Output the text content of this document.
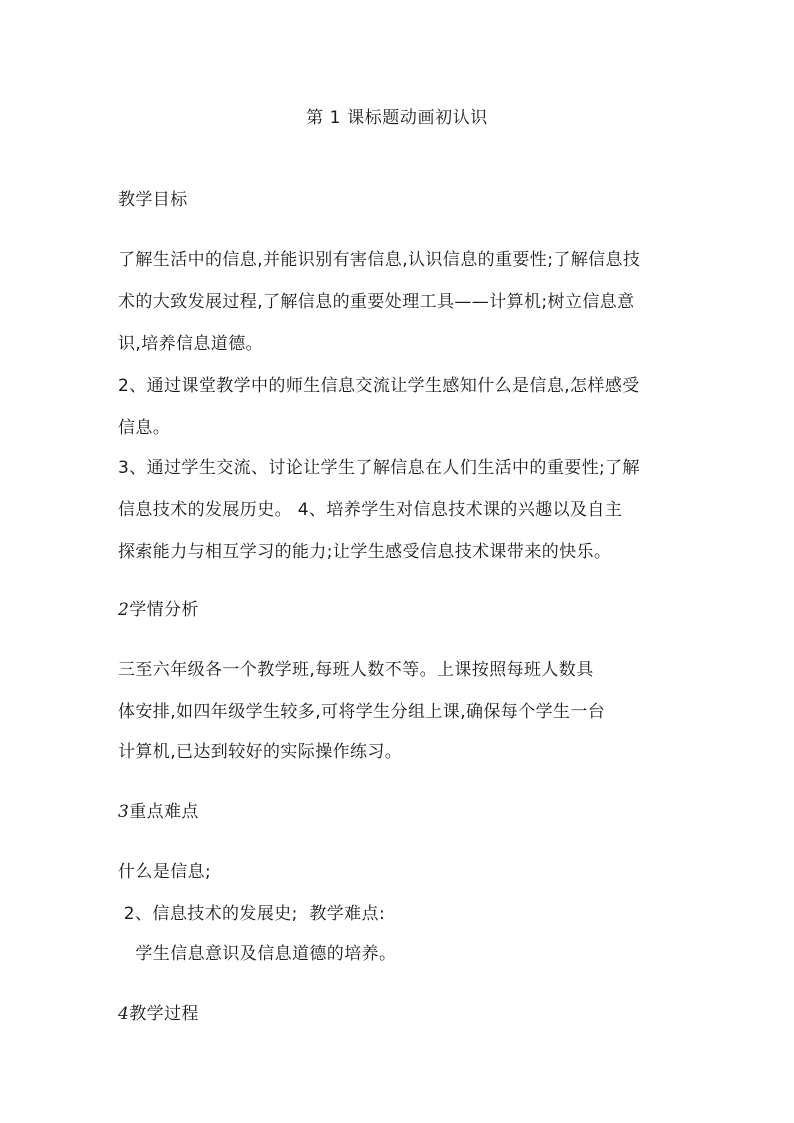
第 1 课标题动画初认识
教学目标
了解生活中的信息,并能识别有害信息,认识信息的重要性;了解信息技
术的大致发展过程,了解信息的重要处理工具——计算机;树立信息意
识,培养信息道德。
2、通过课堂教学中的师生信息交流让学生感知什么是信息,怎样感受
信息。
3、通过学生交流、讨论让学生了解信息在人们生活中的重要性;了解
信息技术的发展历史。 4、培养学生对信息技术课的兴趣以及自主
探索能力与相互学习的能力;让学生感受信息技术课带来的快乐。
2学情分析
三至六年级各一个教学班,每班人数不等。上课按照每班人数具
体安排,如四年级学生较多,可将学生分组上课,确保每个学生一台
计算机,已达到较好的实际操作练习。
3重点难点
什么是信息;
2、信息技术的发展史;  教学难点:
学生信息意识及信息道德的培养。
4教学过程
